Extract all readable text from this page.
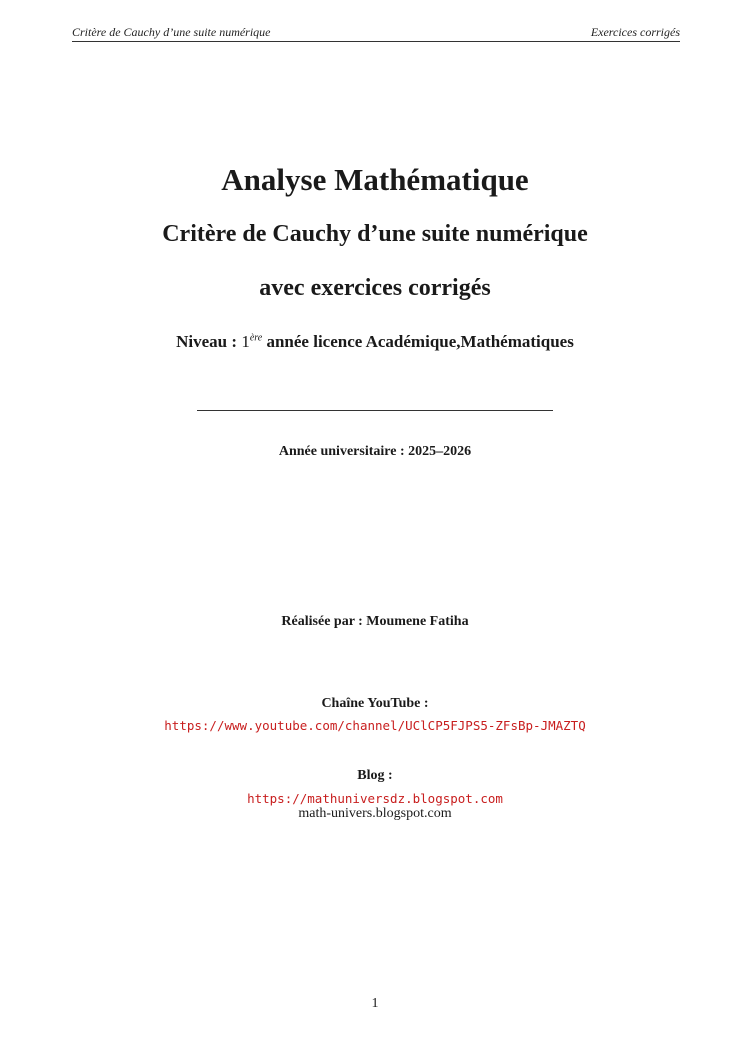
Critère de Cauchy d’une suite numérique	Exercices corrigés
Analyse Mathématique
Critère de Cauchy d’une suite numérique
avec exercices corrigés
Niveau : 1ère année licence Académique,Mathématiques
Année universitaire : 2025–2026
Réalisée par : Moumene Fatiha
Chaîne YouTube :
https://www.youtube.com/channel/UClCP5FJPS5-ZFsBp-JMAZTQ
Blog :
https://mathuniversdz.blogspot.com
math-univers.blogspot.com
1
